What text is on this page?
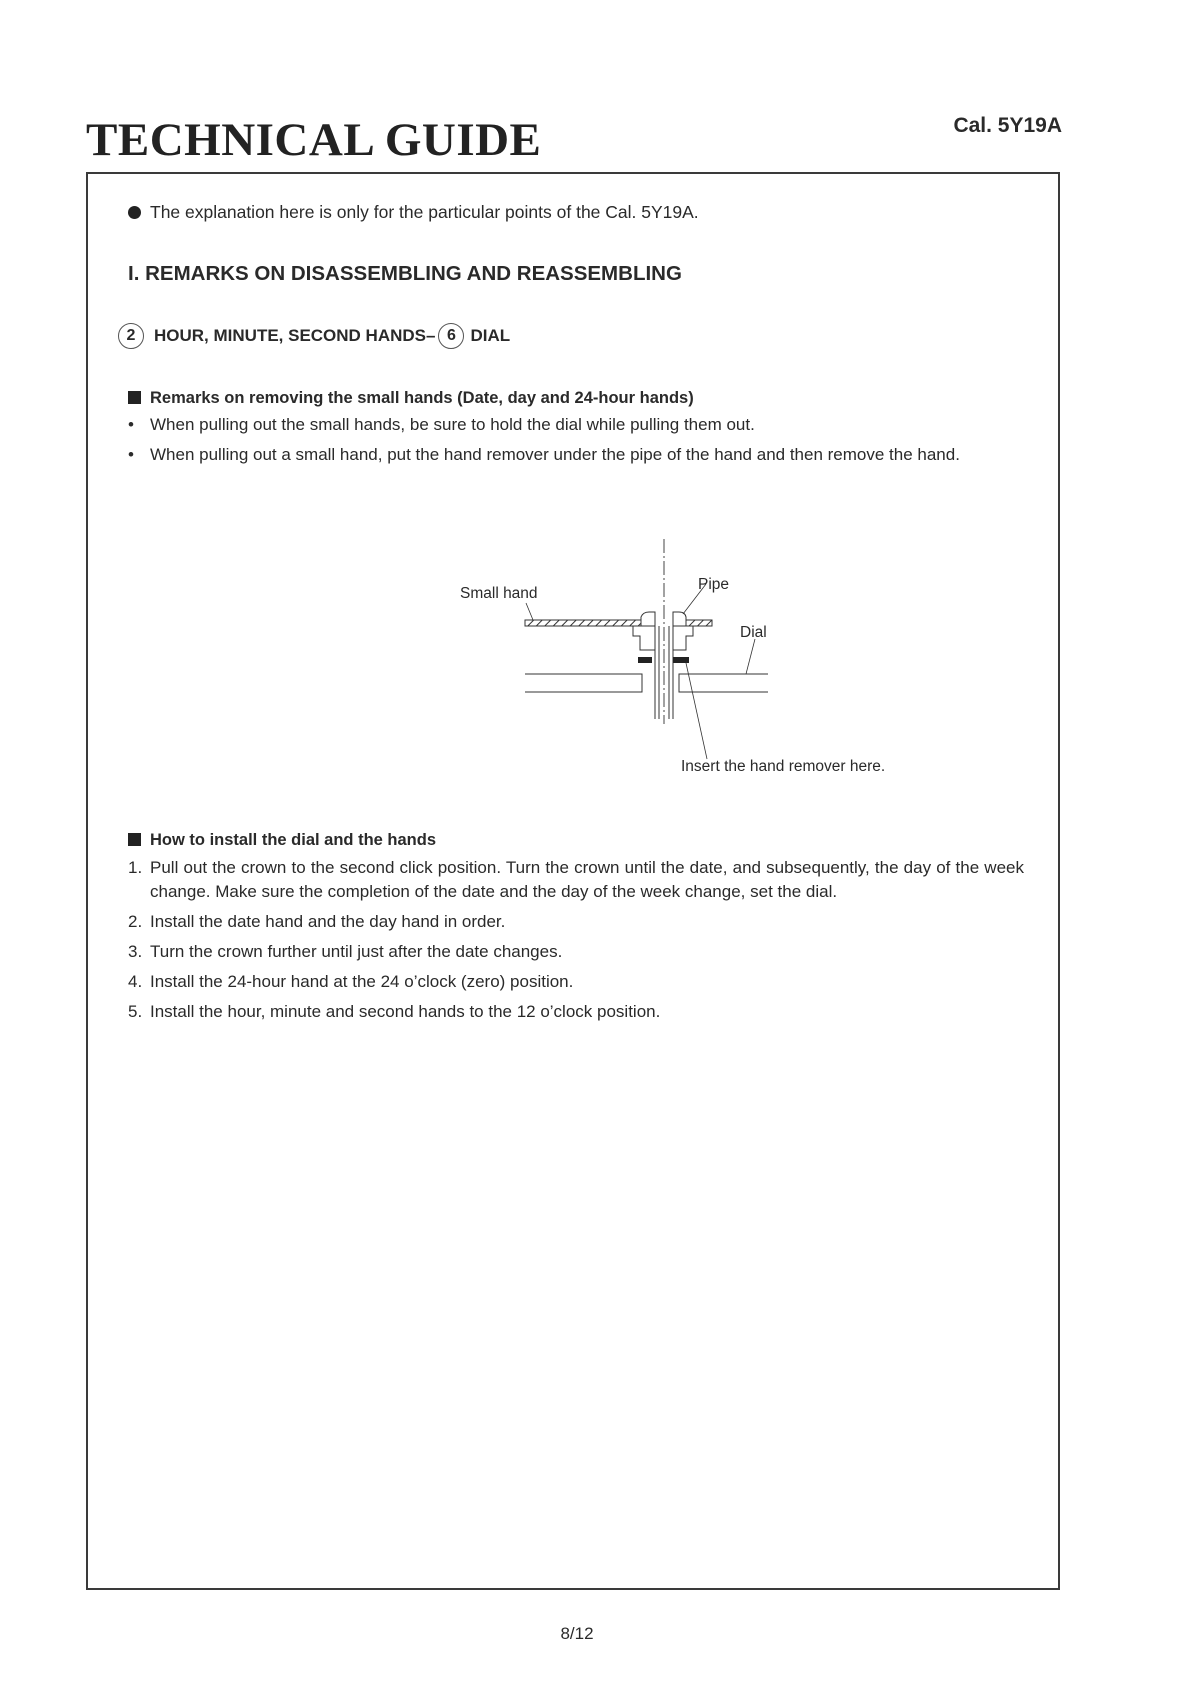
TECHNICAL GUIDE	Cal. 5Y19A
The explanation here is only for the particular points of the Cal. 5Y19A.
I. REMARKS ON DISASSEMBLING AND REASSEMBLING
2	HOUR, MINUTE, SECOND HANDS– 6 DIAL
Remarks on removing the small hands (Date, day and 24-hour hands)
• When pulling out the small hands, be sure to hold the dial while pulling them out.
• When pulling out a small hand, put the hand remover under the pipe of the hand and then remove the hand.
Small hand
Pipe
Dial
Insert the hand remover here.
How to install the dial and the hands
1. Pull out the crown to the second click position. Turn the crown until the date, and subsequently, the day of the week change. Make sure the completion of the date and the day of the week change, set the dial.
2. Install the date hand and the day hand in order.
3. Turn the crown further until just after the date changes.
4. Install the 24-hour hand at the 24 o’clock (zero) position.
5. Install the hour, minute and second hands to the 12 o’clock position.
8/12
